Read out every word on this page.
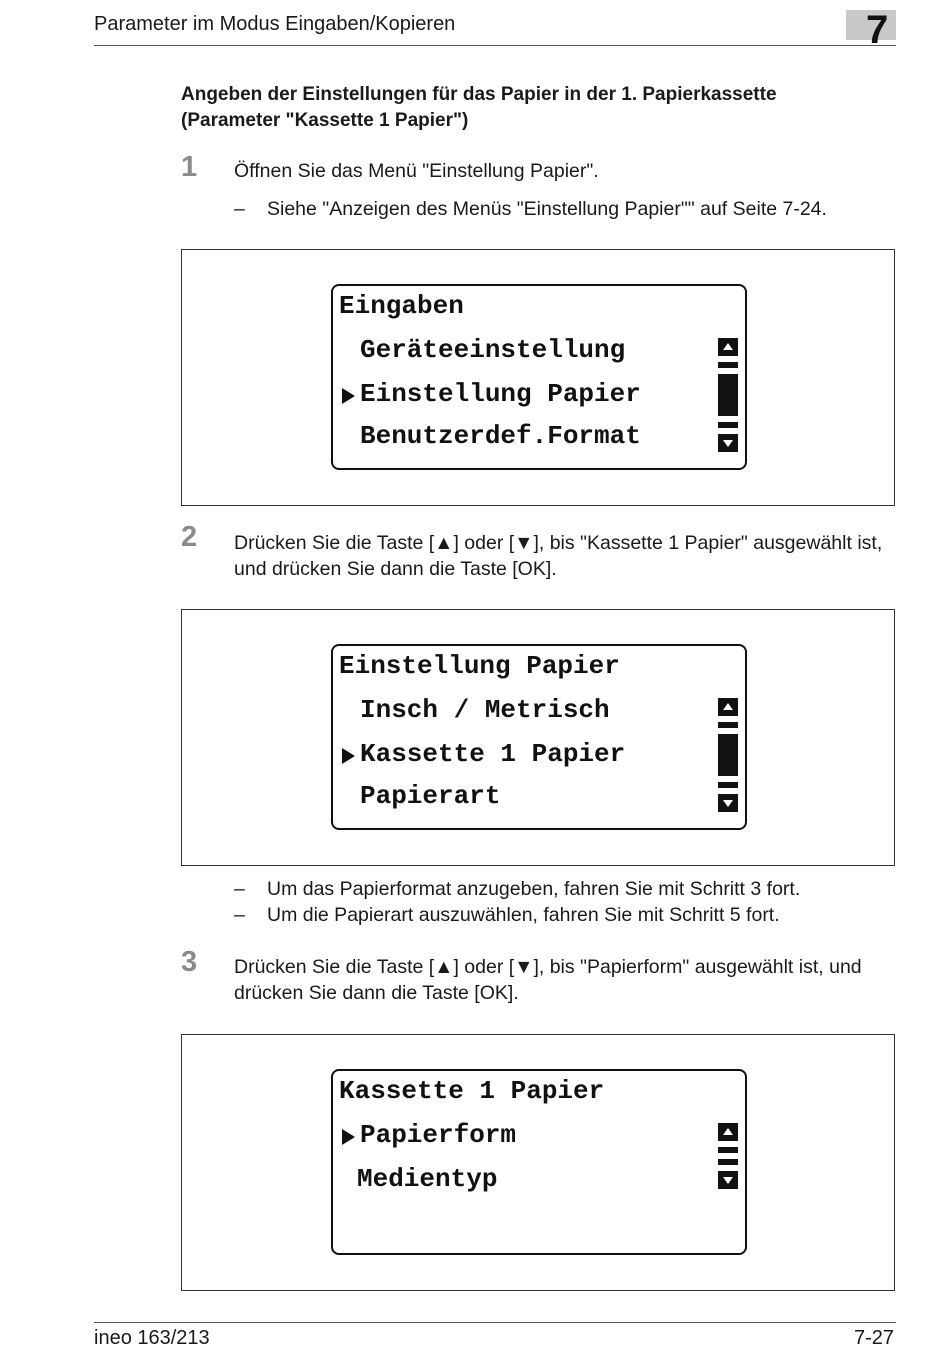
Parameter im Modus Eingaben/Kopieren	7
Angeben der Einstellungen für das Papier in der 1. Papierkassette (Parameter "Kassette 1 Papier")
1 Öffnen Sie das Menü "Einstellung Papier".
– Siehe "Anzeigen des Menüs "Einstellung Papier"" auf Seite 7-24.
Eingaben
Geräteeinstellung
Einstellung Papier
Benutzerdef.Format
2 Drücken Sie die Taste [▲] oder [▼], bis "Kassette 1 Papier" ausgewählt ist, und drücken Sie dann die Taste [OK].
Einstellung Papier
Insch / Metrisch
Kassette 1 Papier
Papierart
– Um das Papierformat anzugeben, fahren Sie mit Schritt 3 fort.
– Um die Papierart auszuwählen, fahren Sie mit Schritt 5 fort.
3 Drücken Sie die Taste [▲] oder [▼], bis "Papierform" ausgewählt ist, und drücken Sie dann die Taste [OK].
Kassette 1 Papier
Papierform
Medientyp
ineo 163/213	7-27
